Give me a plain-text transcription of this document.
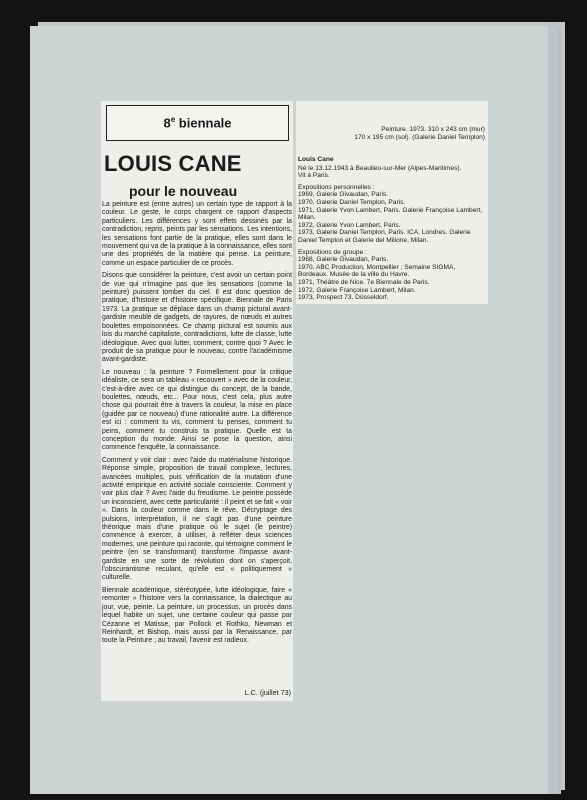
8e biennale
LOUIS CANE
pour le nouveau

La peinture est (entre autres) un certain type de rapport à la couleur. Le geste, le corps chargent ce rapport d'aspects particuliers. Les différences y sont effets dessinés par la contradiction, repris, peints par les sensations. Les intentions, les sensations font partie de la pratique, elles sont dans le mouvement qui va de la pratique à la connaissance, elles sont une des propriétés de la matière qui pense. La peinture, comme un espace particulier de ce procès.

Disons que considérer la peinture, c'est avoir un certain point de vue qui n'imagine pas que les sensations (comme la peinture) puissent tomber du ciel. Il est donc question de pratique, d'histoire et d'histoire spécifique. Biennale de Paris 1973. La pratique se déplace dans un champ pictural avant-gardiste meublé de gadgets, de rayures, de nœuds et autres boulettes empoisonnées. Ce champ pictural est soumis aux lois du marché capitaliste, contradictions, lutte de classe, lutte idéologique. Avec quoi lutter, comment, contre quoi ? Avec le produit de sa pratique pour le nouveau, contre l'académisme avant-gardiste.

Le nouveau : la peinture ? Formellement pour la critique idéaliste, ce sera un tableau « recouvert » avec de la couleur, c'est-à-dire avec ce qui distingue du concept, de la bande, boulettes, nœuds, etc... Pour nous, c'est cela, plus autre chose qui pourrait être à travers la couleur, la mise en place (guidée par ce nouveau) d'une rationalité autre. La différence est ici : comment tu vis, comment tu penses, comment tu peins, comment tu construis ta pratique. Quelle est ta conception du monde. Ainsi se pose la question, ainsi commence l'enquête, la connaissance.

Comment y voir clair : avec l'aide du matérialisme historique. Réponse simple, proposition de travail complexe, lectures, avancées multiples, puis vérification de la mutation d'une activité empirique en activité sociale consciente. Comment y voir plus clair ? Avec l'aide du freudisme. Le peintre possède un inconscient, avec cette particularité : il peint et se fait « voir ». Dans la couleur comme dans le rêve. Décryptage des pulsions, interprétation, il ne s'agit pas d'une peinture théorique mais d'une pratique où le sujet (le peintre) commence à exercer, à utiliser, à refléter deux sciences modernes, une peinture qui raconte, qui témoigne comment le peintre (en se transformant) transforme l'impasse avant-gardiste en une sorte de révolution dont on s'aperçoit, l'obscurantisme reculant, qu'elle est « politiquement » culturelle.

Biennale académique, stéréotypée, lutte idéologique, faire « remonter » l'histoire vers la connaissance, la dialectique au jour, vue, peinte. La peinture, un processus, un procès dans lequel habite un sujet, une certaine couleur qui passe par Cézanne et Matisse, par Pollock et Rothko, Newman et Reinhardt, et Bishop, mais aussi par la Renaissance, par toute la Peinture ; au travail, l'avenir est radieux.

L.C. (juillet 73)
Peinture. 1973. 310 x 243 cm (mur)
170 x 195 cm (sol). (Galerie Daniel Templon)
Louis Cane
Né le 13.12.1943 à Beaulieu-sur-Mer (Alpes-Maritimes).
Vit à Paris.
Expositions personnelles :
1969, Galerie Givaudan, Paris.
1970, Galerie Daniel Templon, Paris.
1971, Galerie Yvon Lambert, Paris. Galerie Françoise Lambert, Milan.
1972, Galerie Yvon Lambert, Paris.
1973, Galerie Daniel Templon, Paris. ICA, Londres. Galerie Daniel Templon et Galerie del Milione, Milan.
Expositions de groupe :
1968, Galerie Givaudan, Paris.
1970, ABC Production, Montpellier ; Semaine SIGMA, Bordeaux. Musée de la ville du Havre.
1971, Théâtre de Nice. 7e Biennale de Paris.
1972, Galerie Françoise Lambert, Milan.
1973, Prospect 73, Düsseldorf.
